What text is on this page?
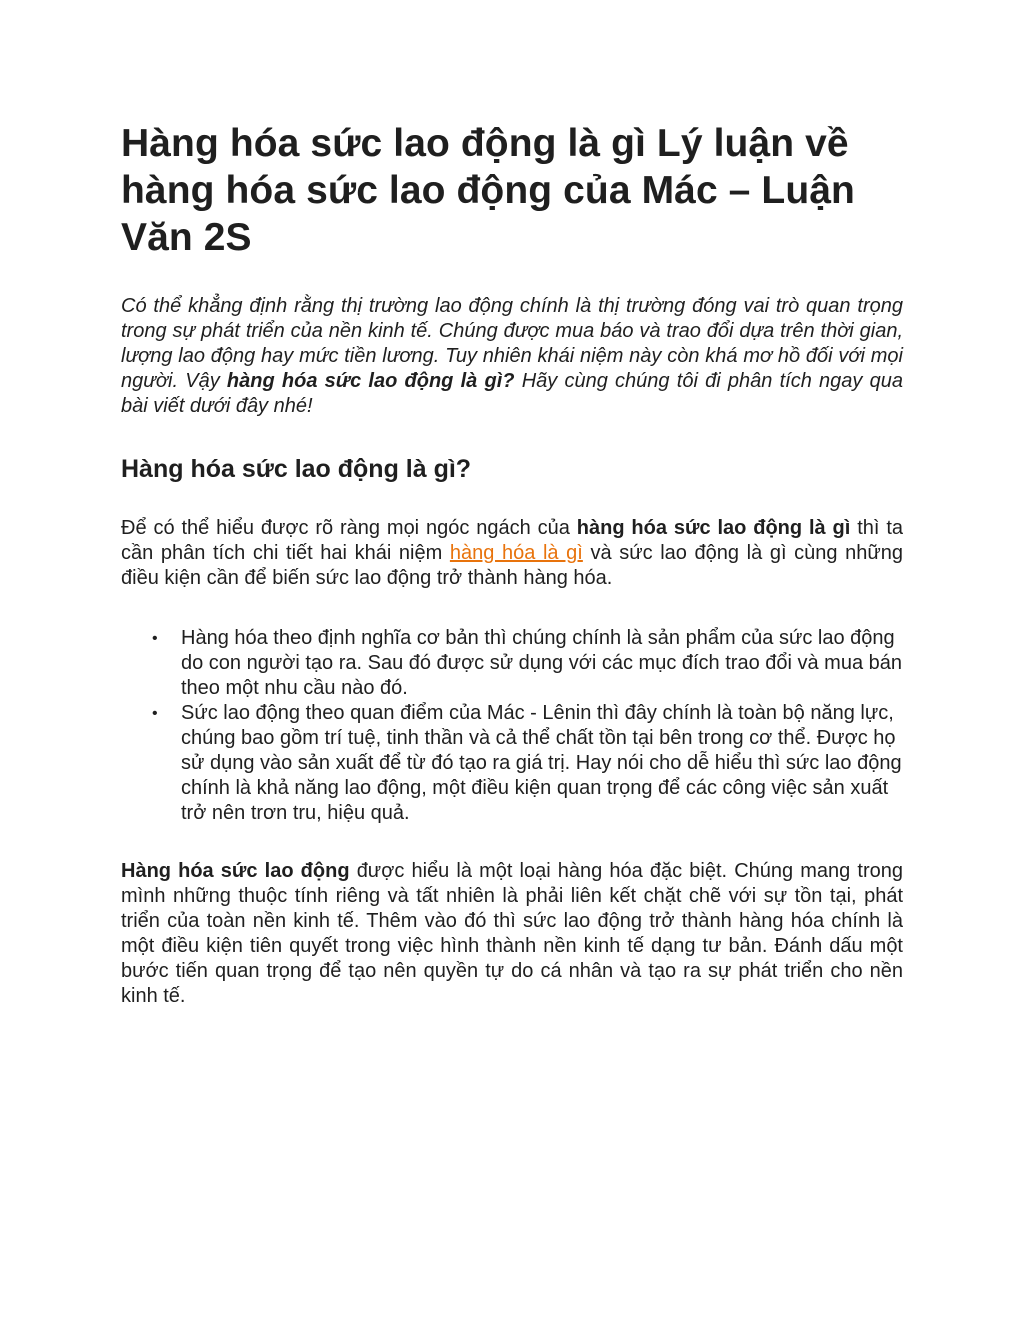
Hàng hóa sức lao động là gì Lý luận về hàng hóa sức lao động của Mác – Luận Văn 2S

Có thể khẳng định rằng thị trường lao động chính là thị trường đóng vai trò quan trọng trong sự phát triển của nền kinh tế. Chúng được mua báo và trao đổi dựa trên thời gian, lượng lao động hay mức tiền lương. Tuy nhiên khái niệm này còn khá mơ hồ đối với mọi người. Vậy hàng hóa sức lao động là gì? Hãy cùng chúng tôi đi phân tích ngay qua bài viết dưới đây nhé!

Hàng hóa sức lao động là gì?

Để có thể hiểu được rõ ràng mọi ngóc ngách của hàng hóa sức lao động là gì thì ta cần phân tích chi tiết hai khái niệm hàng hóa là gì và sức lao động là gì cùng những điều kiện cần để biến sức lao động trở thành hàng hóa.

• Hàng hóa theo định nghĩa cơ bản thì chúng chính là sản phẩm của sức lao động do con người tạo ra. Sau đó được sử dụng với các mục đích trao đổi và mua bán theo một nhu cầu nào đó.
• Sức lao động theo quan điểm của Mác - Lênin thì đây chính là toàn bộ năng lực, chúng bao gồm trí tuệ, tinh thần và cả thể chất tồn tại bên trong cơ thể. Được họ sử dụng vào sản xuất để từ đó tạo ra giá trị. Hay nói cho dễ hiểu thì sức lao động chính là khả năng lao động, một điều kiện quan trọng để các công việc sản xuất trở nên trơn tru, hiệu quả.

Hàng hóa sức lao động được hiểu là một loại hàng hóa đặc biệt. Chúng mang trong mình những thuộc tính riêng và tất nhiên là phải liên kết chặt chẽ với sự tồn tại, phát triển của toàn nền kinh tế. Thêm vào đó thì sức lao động trở thành hàng hóa chính là một điều kiện tiên quyết trong việc hình thành nền kinh tế dạng tư bản. Đánh dấu một bước tiến quan trọng để tạo nên quyền tự do cá nhân và tạo ra sự phát triển cho nền kinh tế.
